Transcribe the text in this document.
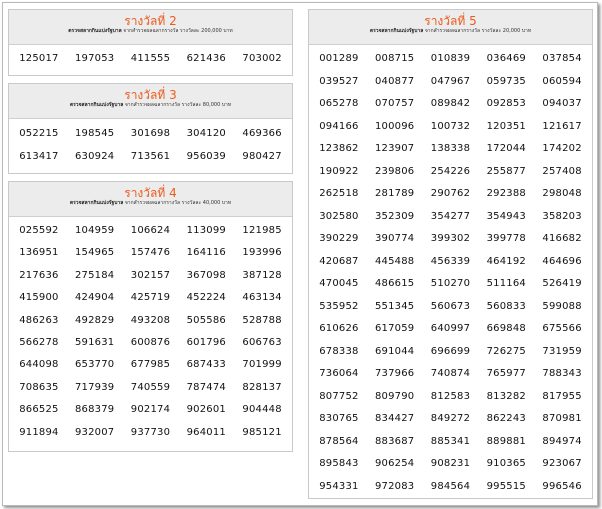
รางวัลที่ 2
ตรวจสลากกินแบ่งรัฐบาล จากสำรวจผลฉลากรางวัล รางวัลละ 200,000 บาท
125017	197053	411555	621436	703002
รางวัลที่ 3
ตรวจสลากกินแบ่งรัฐบาล จากสำรวจผลฉลากรางวัล รางวัลละ 80,000 บาท
052215	198545	301698	304120	469366
613417	630924	713561	956039	980427
รางวัลที่ 4
ตรวจสลากกินแบ่งรัฐบาล จากสำรวจผลฉลากรางวัล รางวัลละ 40,000 บาท
025592	104959	106624	113099	121985
136951	154965	157476	164116	193996
217636	275184	302157	367098	387128
415900	424904	425719	452224	463134
486263	492829	493208	505586	528788
566278	591631	600876	601796	606763
644098	653770	677985	687433	701999
708635	717939	740559	787474	828137
866525	868379	902174	902601	904448
911894	932007	937730	964011	985121
รางวัลที่ 5
ตรวจสลากกินแบ่งรัฐบาล จากสำรวจผลฉลากรางวัล รางวัลละ 20,000 บาท
001289	008715	010839	036469	037854
039527	040877	047967	059735	060594
065278	070757	089842	092853	094037
094166	100096	100732	120351	121617
123862	123907	138338	172044	174202
190922	239806	254226	255877	257408
262518	281789	290762	292388	298048
302580	352309	354277	354943	358203
390229	390774	399302	399778	416682
420687	445488	456339	464192	464696
470045	486615	510270	511164	526419
535952	551345	560673	560833	599088
610626	617059	640997	669848	675566
678338	691044	696699	726275	731959
736064	737966	740874	765977	788343
807752	809790	812583	813282	817955
830765	834427	849272	862243	870981
878564	883687	885341	889881	894974
895843	906254	908231	910365	923067
954331	972083	984564	995515	996546
